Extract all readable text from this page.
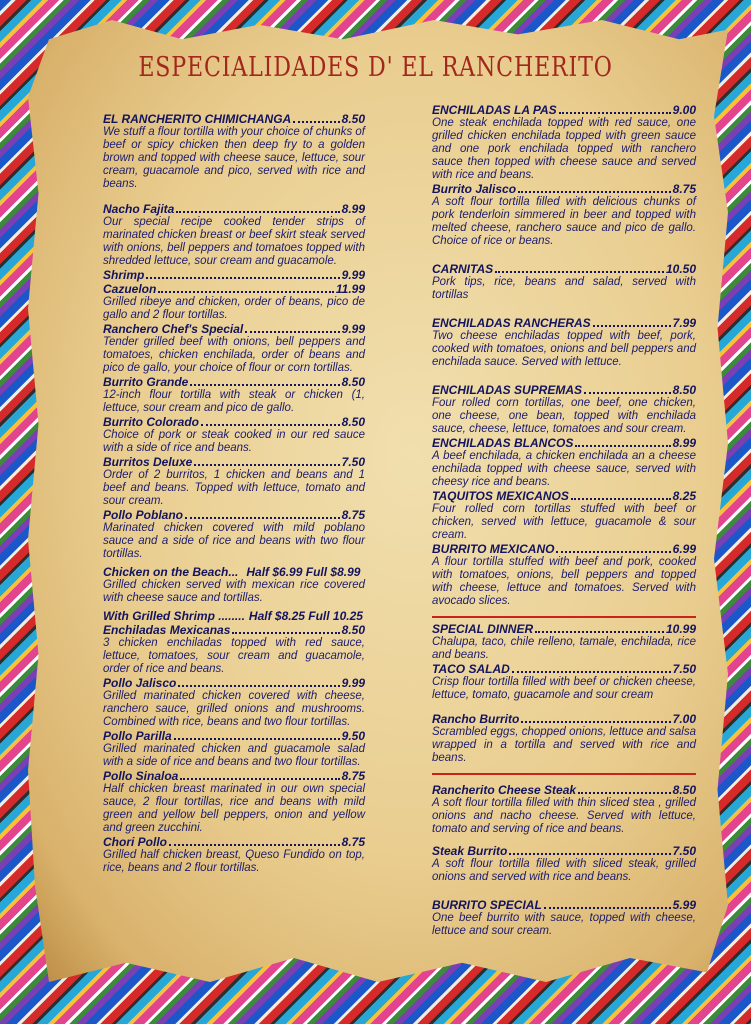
ESPECIALIDADES D' EL RANCHERITO
EL RANCHERITO CHIMICHANGA	8.50
We stuff a flour tortilla with your choice of chunks of beef or spicy chicken then deep fry to a golden brown and topped with cheese sauce, lettuce, sour cream, guacamole and pico, served with rice and beans.
Nacho Fajita	8.99
Our special recipe cooked tender strips of marinated chicken breast or beef skirt steak served with onions, bell peppers and tomatoes topped with shredded lettuce, sour cream and guacamole.
Shrimp	9.99
Cazuelon	11.99
Grilled ribeye and chicken, order of beans, pico de gallo and 2 flour tortillas.
Ranchero Chef's Special	9.99
Tender grilled beef with onions, bell peppers and tomatoes, chicken enchilada, order of beans and pico de gallo, your choice of flour or corn tortillas.
Burrito Grande	8.50
12-inch flour tortilla with steak or chicken (1, lettuce, sour cream and pico de gallo.
Burrito Colorado	8.50
Choice of pork or steak cooked in our red sauce with a side of rice and beans.
Burritos Deluxe	7.50
Order of 2 burritos, 1 chicken and beans and 1 beef and beans. Topped with lettuce, tomato and sour cream.
Pollo Poblano	8.75
Marinated chicken covered with mild poblano sauce and a side of rice and beans with two flour tortillas.
Chicken on the Beach... Half $6.99 Full $8.99
Grilled chicken served with mexican rice covered with cheese sauce and tortillas.
With Grilled Shrimp ........ Half $8.25 Full 10.25
Enchiladas Mexicanas	8.50
3 chicken enchiladas topped with red sauce, lettuce, tomatoes, sour cream and guacamole, order of rice and beans.
Pollo Jalisco	9.99
Grilled marinated chicken covered with cheese, ranchero sauce, grilled onions and mushrooms. Combined with rice, beans and two flour tortillas.
Pollo Parilla	9.50
Grilled marinated chicken and guacamole salad with a side of rice and beans and two flour tortillas.
Pollo Sinaloa	8.75
Half chicken breast marinated in our own special sauce, 2 flour tortillas, rice and beans with mild green and yellow bell peppers, onion and yellow and green zucchini.
Chori Pollo	8.75
Grilled half chicken breast, Queso Fundido on top, rice, beans and 2 flour tortillas.
ENCHILADAS LA PAS	9.00
One steak enchilada topped with red sauce, one grilled chicken enchilada topped with green sauce and one pork enchilada topped with ranchero sauce then topped with cheese sauce and served with rice and beans.
Burrito Jalisco	8.75
A soft flour tortilla filled with delicious chunks of pork tenderloin simmered in beer and topped with melted cheese, ranchero sauce and pico de gallo. Choice of rice or beans.
CARNITAS	10.50
Pork tips, rice, beans and salad, served with tortillas
ENCHILADAS RANCHERAS	7.99
Two cheese enchiladas topped with beef, pork, cooked with tomatoes, onions and bell peppers and enchilada sauce. Served with lettuce.
ENCHILADAS SUPREMAS	8.50
Four rolled corn tortillas, one beef, one chicken, one cheese, one bean, topped with enchilada sauce, cheese, lettuce, tomatoes and sour cream.
ENCHILADAS BLANCOS	8.99
A beef enchilada, a chicken enchilada an a cheese enchilada topped with cheese sauce, served with cheesy rice and beans.
TAQUITOS MEXICANOS	8.25
Four rolled corn tortillas stuffed with beef or chicken, served with lettuce, guacamole & sour cream.
BURRITO MEXICANO	6.99
A flour tortilla stuffed with beef and pork, cooked with tomatoes, onions, bell peppers and topped with cheese, lettuce and tomatoes. Served with avocado slices.
SPECIAL DINNER	10.99
Chalupa, taco, chile relleno, tamale, enchilada, rice and beans.
TACO SALAD	7.50
Crisp flour tortilla filled with beef or chicken cheese, lettuce, tomato, guacamole and sour cream
Rancho Burrito	7.00
Scrambled eggs, chopped onions, lettuce and salsa wrapped in a tortilla and served with rice and beans.
Rancherito Cheese Steak	8.50
A soft flour tortilla filled with thin sliced stea , grilled onions and nacho cheese. Served with lettuce, tomato and serving of rice and beans.
Steak Burrito	7.50
A soft flour tortilla filled with sliced steak, grilled onions and served with rice and beans.
BURRITO SPECIAL	5.99
One beef burrito with sauce, topped with cheese, lettuce and sour cream.
